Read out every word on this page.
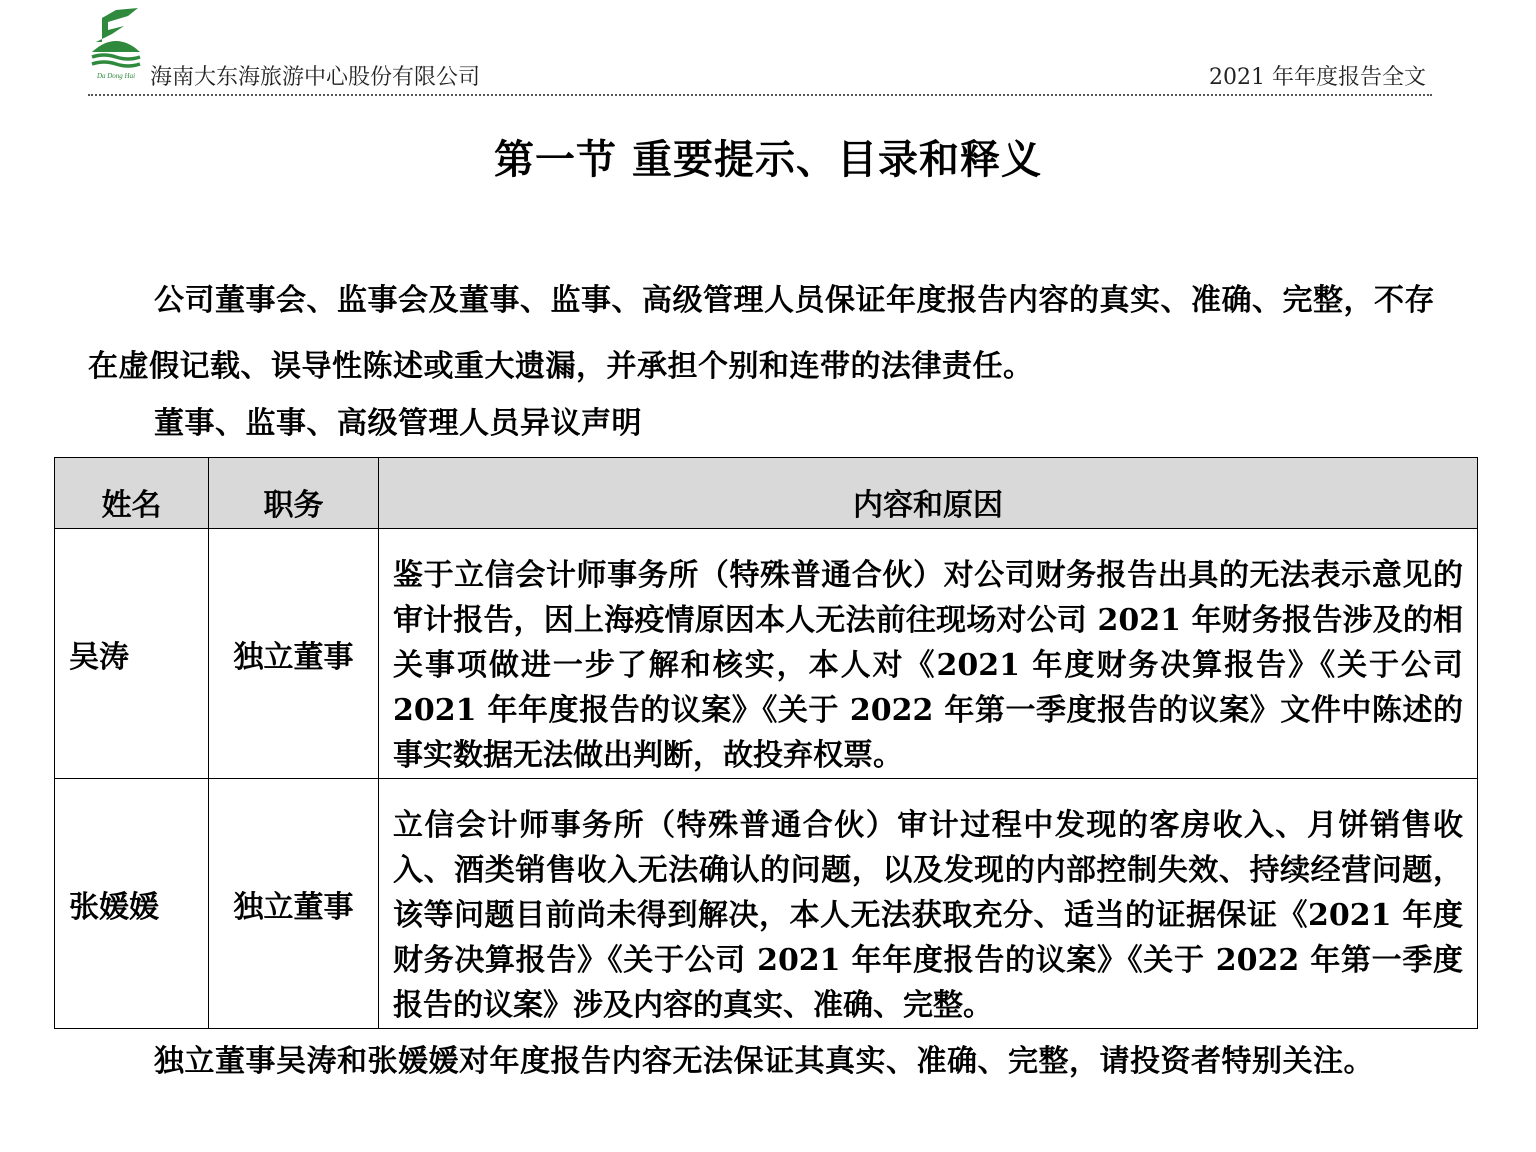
Da Dong Hai 海南大东海旅游中心股份有限公司	2021 年年度报告全文
第一节 重要提示、目录和释义
公司董事会、监事会及董事、监事、高级管理人员保证年度报告内容的真实、准确、完整，不存在虚假记载、误导性陈述或重大遗漏，并承担个别和连带的法律责任。
董事、监事、高级管理人员异议声明
姓名	职务	内容和原因
吴涛	独立董事	鉴于立信会计师事务所（特殊普通合伙）对公司财务报告出具的无法表示意见的审计报告，因上海疫情原因本人无法前往现场对公司 2021 年财务报告涉及的相关事项做进一步了解和核实，本人对《2021 年度财务决算报告》《关于公司 2021 年年度报告的议案》《关于 2022 年第一季度报告的议案》文件中陈述的事实数据无法做出判断，故投弃权票。
张媛媛	独立董事	立信会计师事务所（特殊普通合伙）审计过程中发现的客房收入、月饼销售收入、酒类销售收入无法确认的问题，以及发现的内部控制失效、持续经营问题，该等问题目前尚未得到解决，本人无法获取充分、适当的证据保证《2021 年度财务决算报告》《关于公司 2021 年年度报告的议案》《关于 2022 年第一季度报告的议案》涉及内容的真实、准确、完整。
独立董事吴涛和张媛媛对年度报告内容无法保证其真实、准确、完整，请投资者特别关注。
